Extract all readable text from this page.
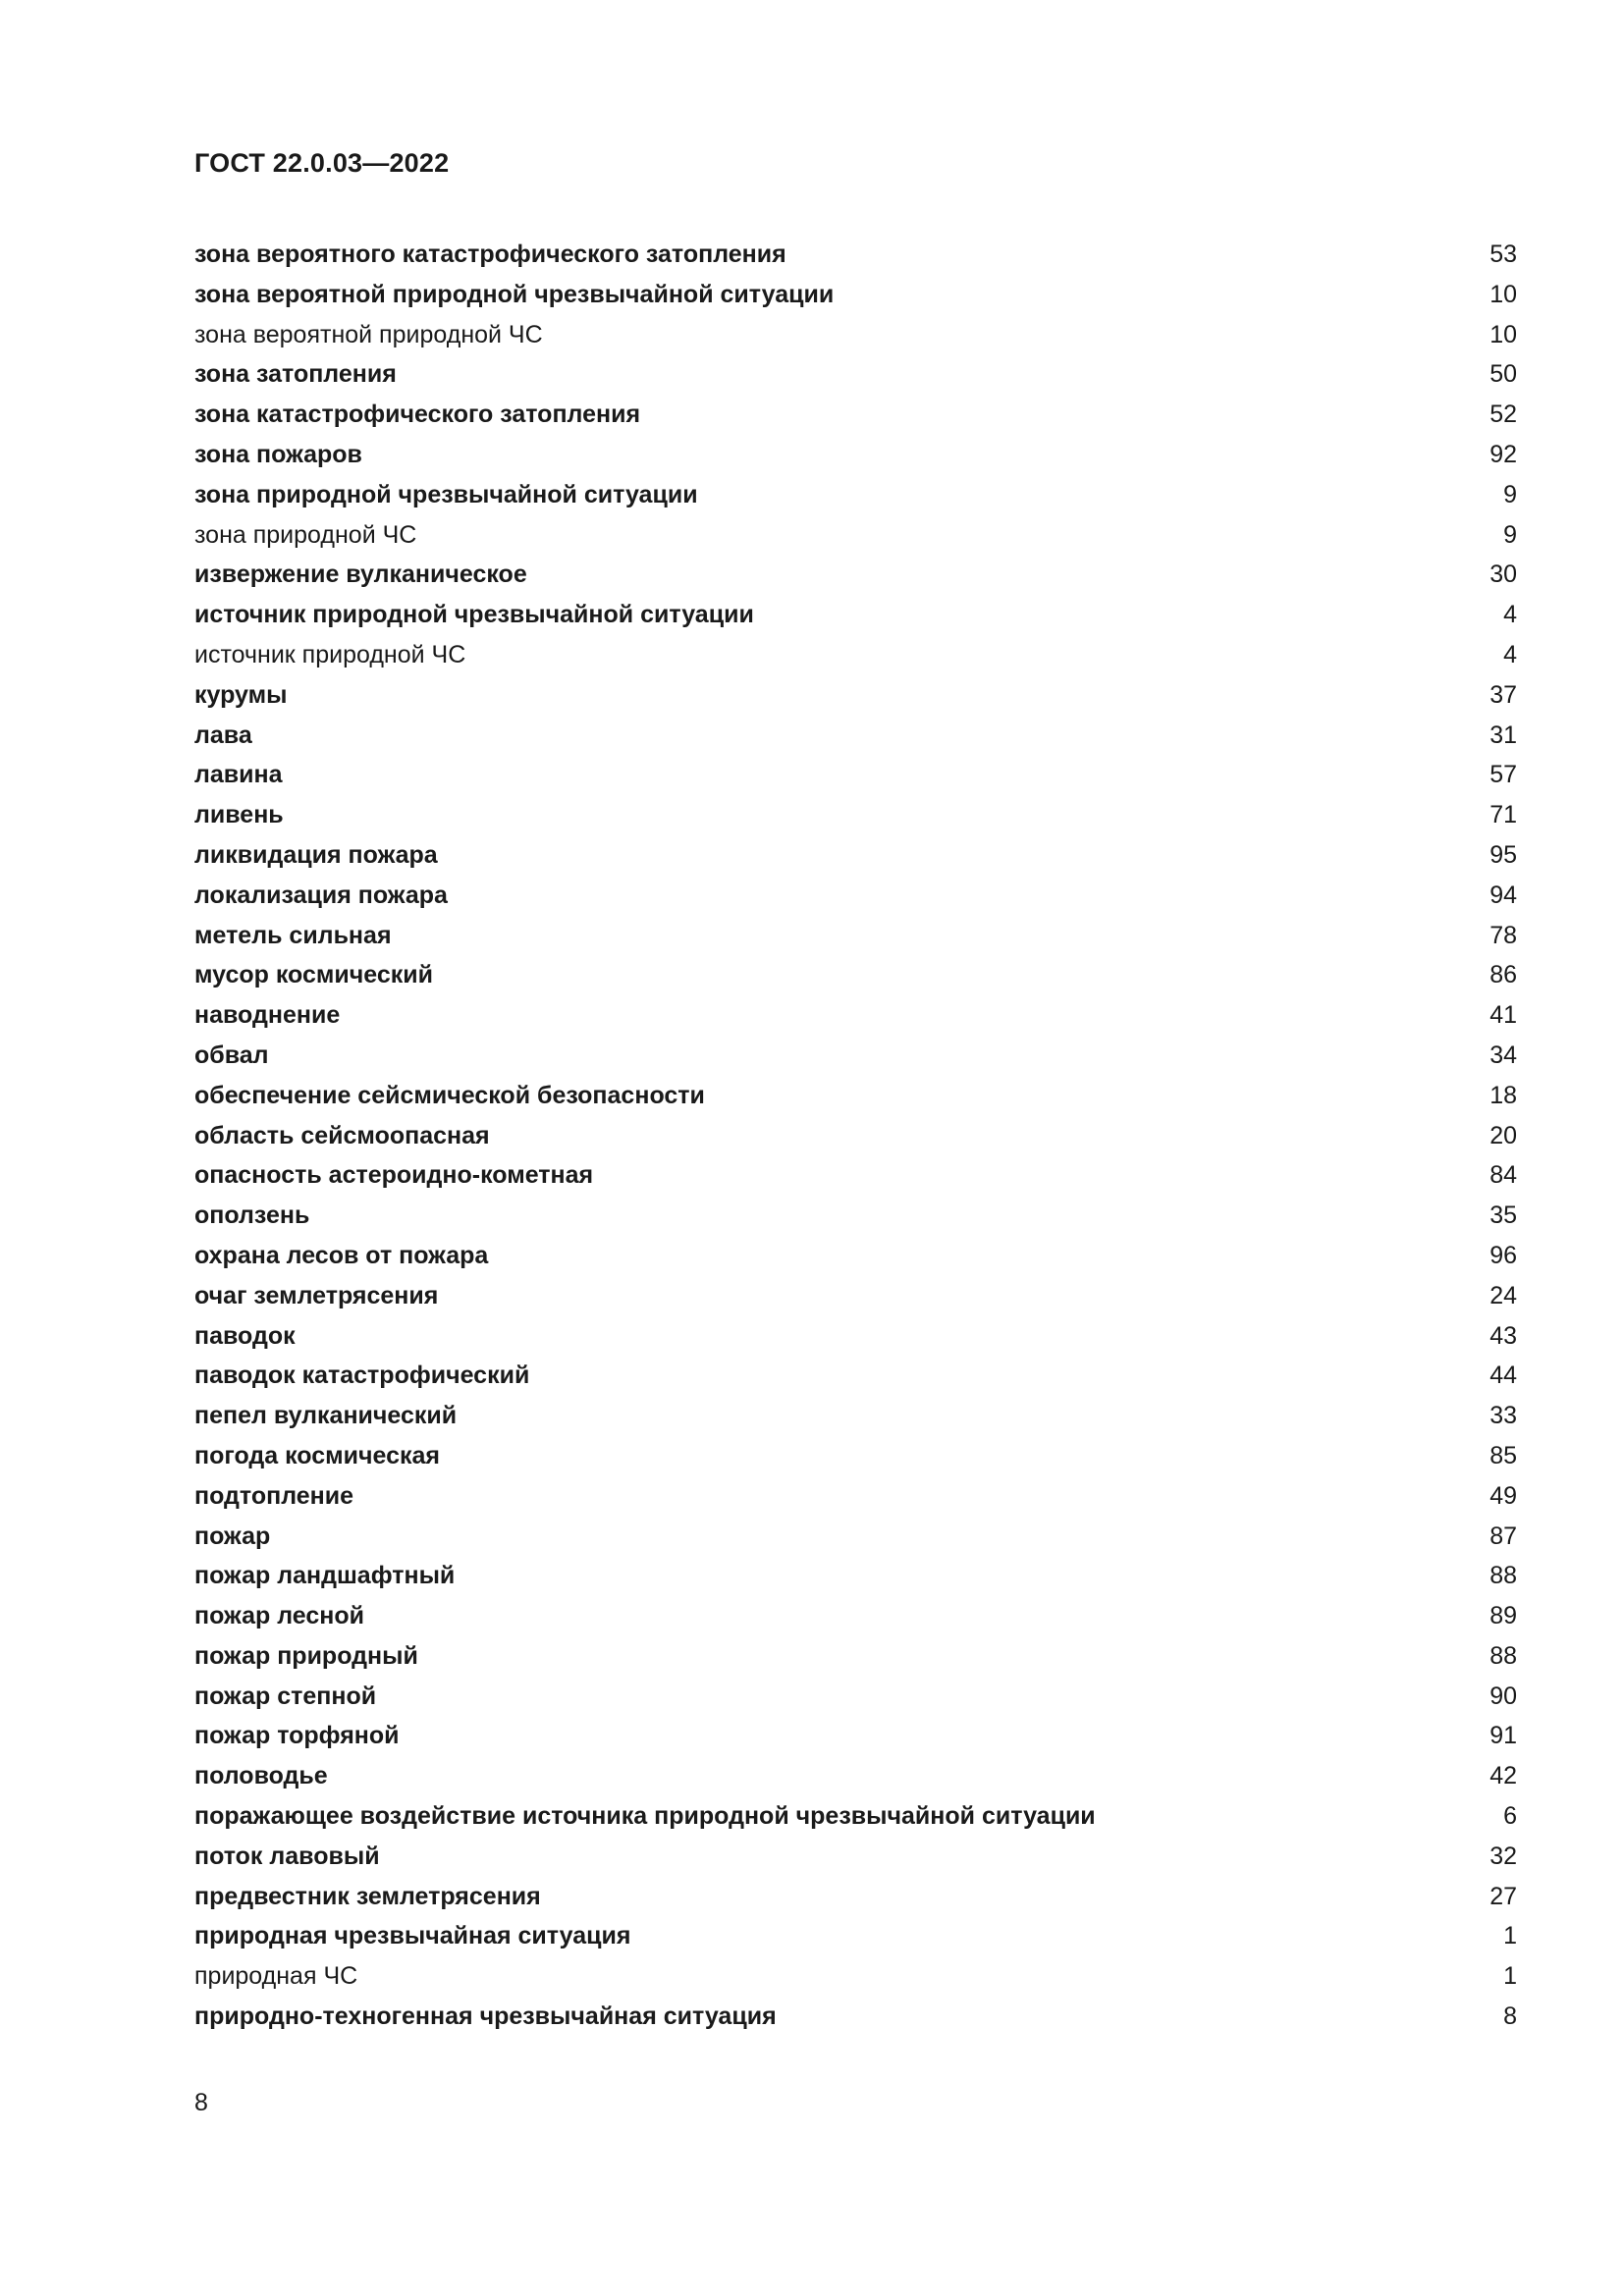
ГОСТ 22.0.03—2022
зона вероятного катастрофического затопления	53
зона вероятной природной чрезвычайной ситуации	10
зона вероятной природной ЧС	10
зона затопления	50
зона катастрофического затопления	52
зона пожаров	92
зона природной чрезвычайной ситуации	9
зона природной ЧС	9
извержение вулканическое	30
источник природной чрезвычайной ситуации	4
источник природной ЧС	4
курумы	37
лава	31
лавина	57
ливень	71
ликвидация пожара	95
локализация пожара	94
метель сильная	78
мусор космический	86
наводнение	41
обвал	34
обеспечение сейсмической безопасности	18
область сейсмоопасная	20
опасность астероидно-кометная	84
оползень	35
охрана лесов от пожара	96
очаг землетрясения	24
паводок	43
паводок катастрофический	44
пепел вулканический	33
погода космическая	85
подтопление	49
пожар	87
пожар ландшафтный	88
пожар лесной	89
пожар природный	88
пожар степной	90
пожар торфяной	91
половодье	42
поражающее воздействие источника природной чрезвычайной ситуации	6
поток лавовый	32
предвестник землетрясения	27
природная чрезвычайная ситуация	1
природная ЧС	1
природно-техногенная чрезвычайная ситуация	8
8
